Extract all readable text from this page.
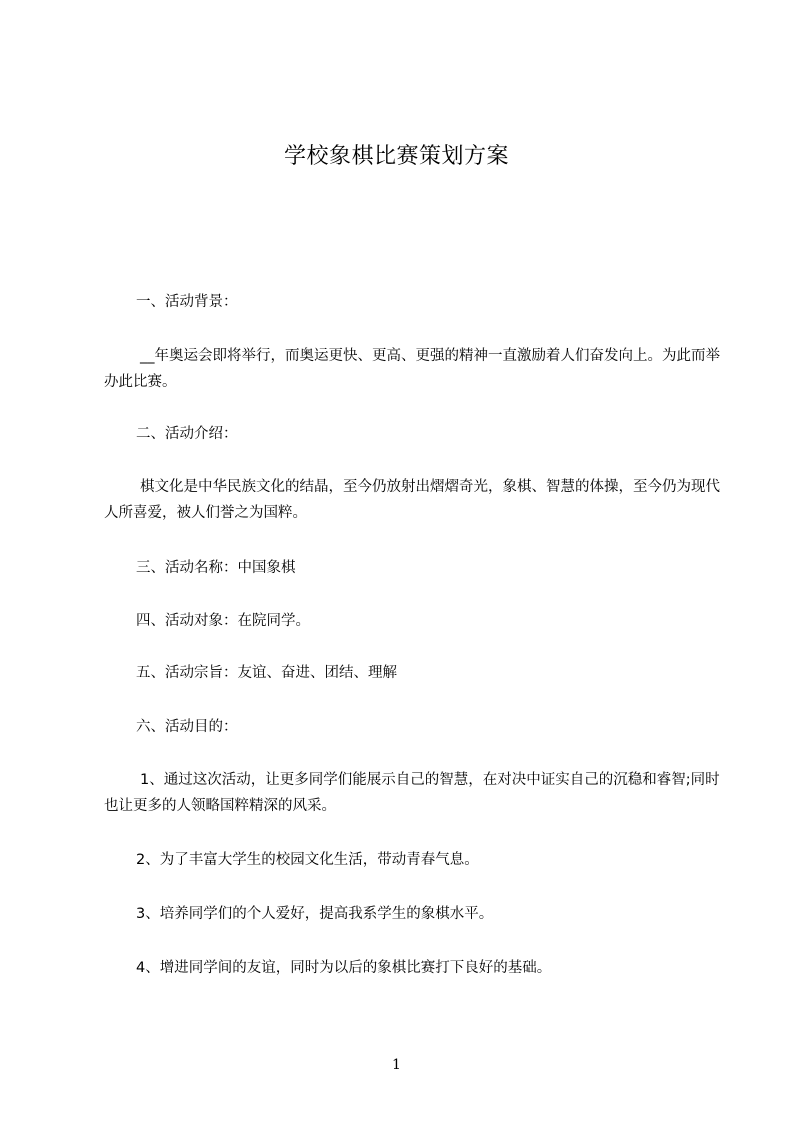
学校象棋比赛策划方案

一、活动背景：

__年奥运会即将举行，而奥运更快、更高、更强的精神一直激励着人们奋发向上。为此而举办此比赛。

二、活动介绍：

棋文化是中华民族文化的结晶，至今仍放射出熠熠奇光，象棋、智慧的体操，至今仍为现代人所喜爱，被人们誉之为国粹。

三、活动名称：中国象棋

四、活动对象：在院同学。

五、活动宗旨：友谊、奋进、团结、理解

六、活动目的：

1、通过这次活动，让更多同学们能展示自己的智慧，在对决中证实自己的沉稳和睿智;同时也让更多的人领略国粹精深的风采。

2、为了丰富大学生的校园文化生活，带动青春气息。

3、培养同学们的个人爱好，提高我系学生的象棋水平。

4、增进同学间的友谊，同时为以后的象棋比赛打下良好的基础。

1
